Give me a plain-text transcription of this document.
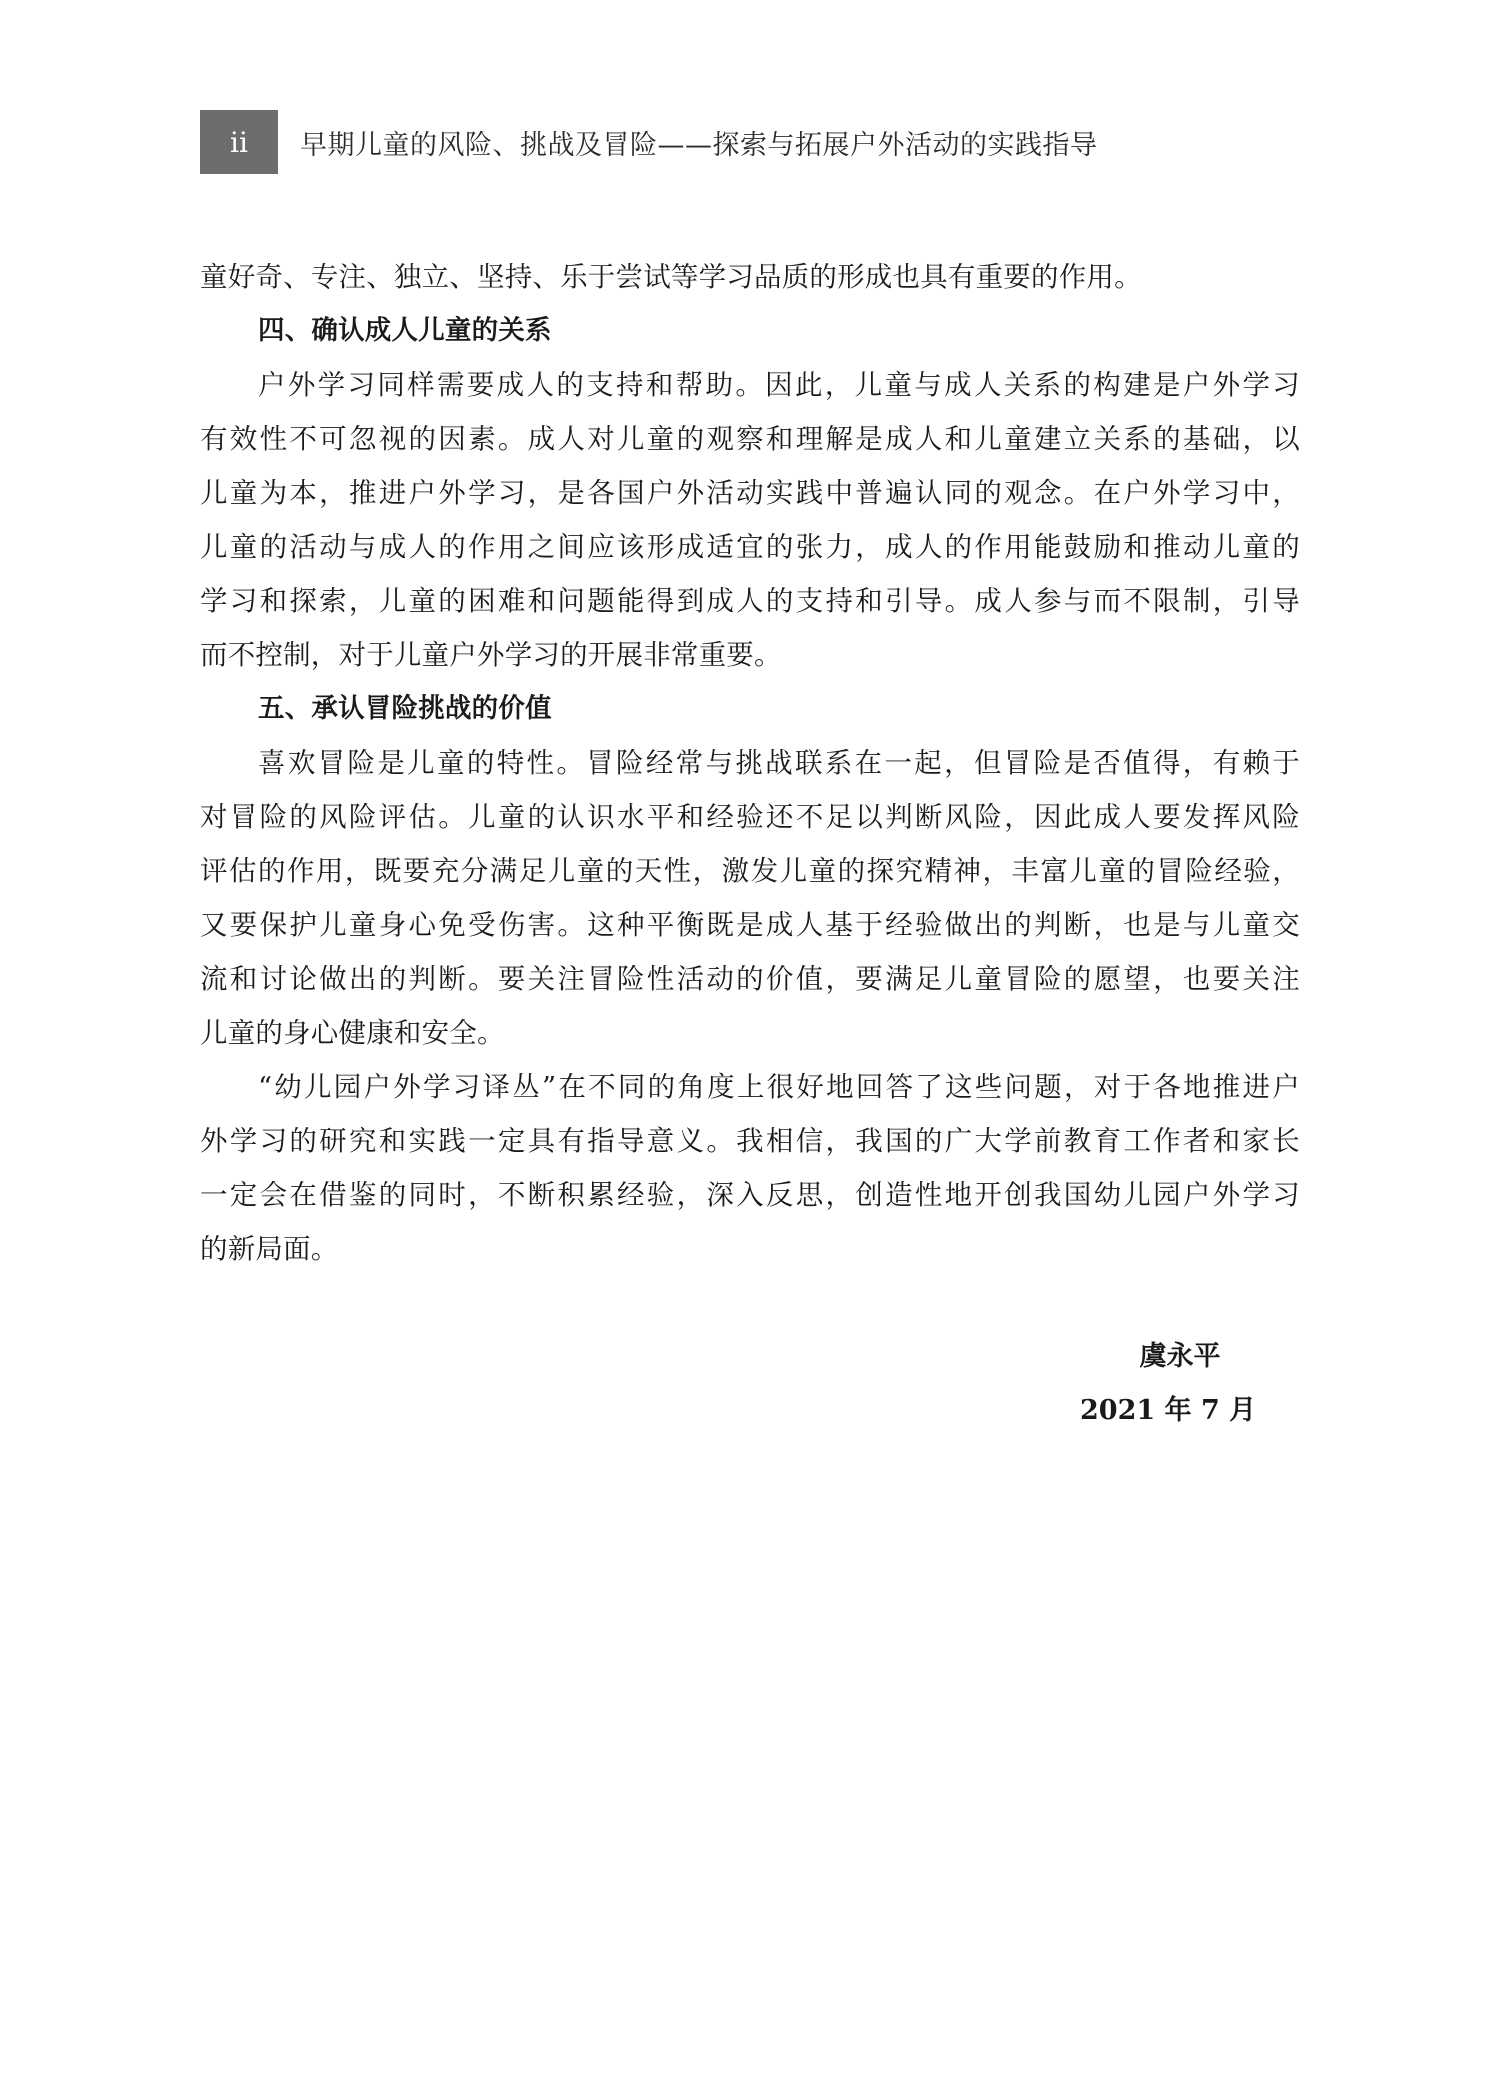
ii	早期儿童的风险、挑战及冒险——探索与拓展户外活动的实践指导
童好奇、专注、独立、坚持、乐于尝试等学习品质的形成也具有重要的作用。
四、确认成人儿童的关系
户外学习同样需要成人的支持和帮助。因此，儿童与成人关系的构建是户外学习
有效性不可忽视的因素。成人对儿童的观察和理解是成人和儿童建立关系的基础，以
儿童为本，推进户外学习，是各国户外活动实践中普遍认同的观念。在户外学习中，
儿童的活动与成人的作用之间应该形成适宜的张力，成人的作用能鼓励和推动儿童的
学习和探索，儿童的困难和问题能得到成人的支持和引导。成人参与而不限制，引导
而不控制，对于儿童户外学习的开展非常重要。
五、承认冒险挑战的价值
喜欢冒险是儿童的特性。冒险经常与挑战联系在一起，但冒险是否值得，有赖于
对冒险的风险评估。儿童的认识水平和经验还不足以判断风险，因此成人要发挥风险
评估的作用，既要充分满足儿童的天性，激发儿童的探究精神，丰富儿童的冒险经验，
又要保护儿童身心免受伤害。这种平衡既是成人基于经验做出的判断，也是与儿童交
流和讨论做出的判断。要关注冒险性活动的价值，要满足儿童冒险的愿望，也要关注
儿童的身心健康和安全。
“幼儿园户外学习译丛”在不同的角度上很好地回答了这些问题，对于各地推进户
外学习的研究和实践一定具有指导意义。我相信，我国的广大学前教育工作者和家长
一定会在借鉴的同时，不断积累经验，深入反思，创造性地开创我国幼儿园户外学习
的新局面。
虞永平
2021 年 7 月
